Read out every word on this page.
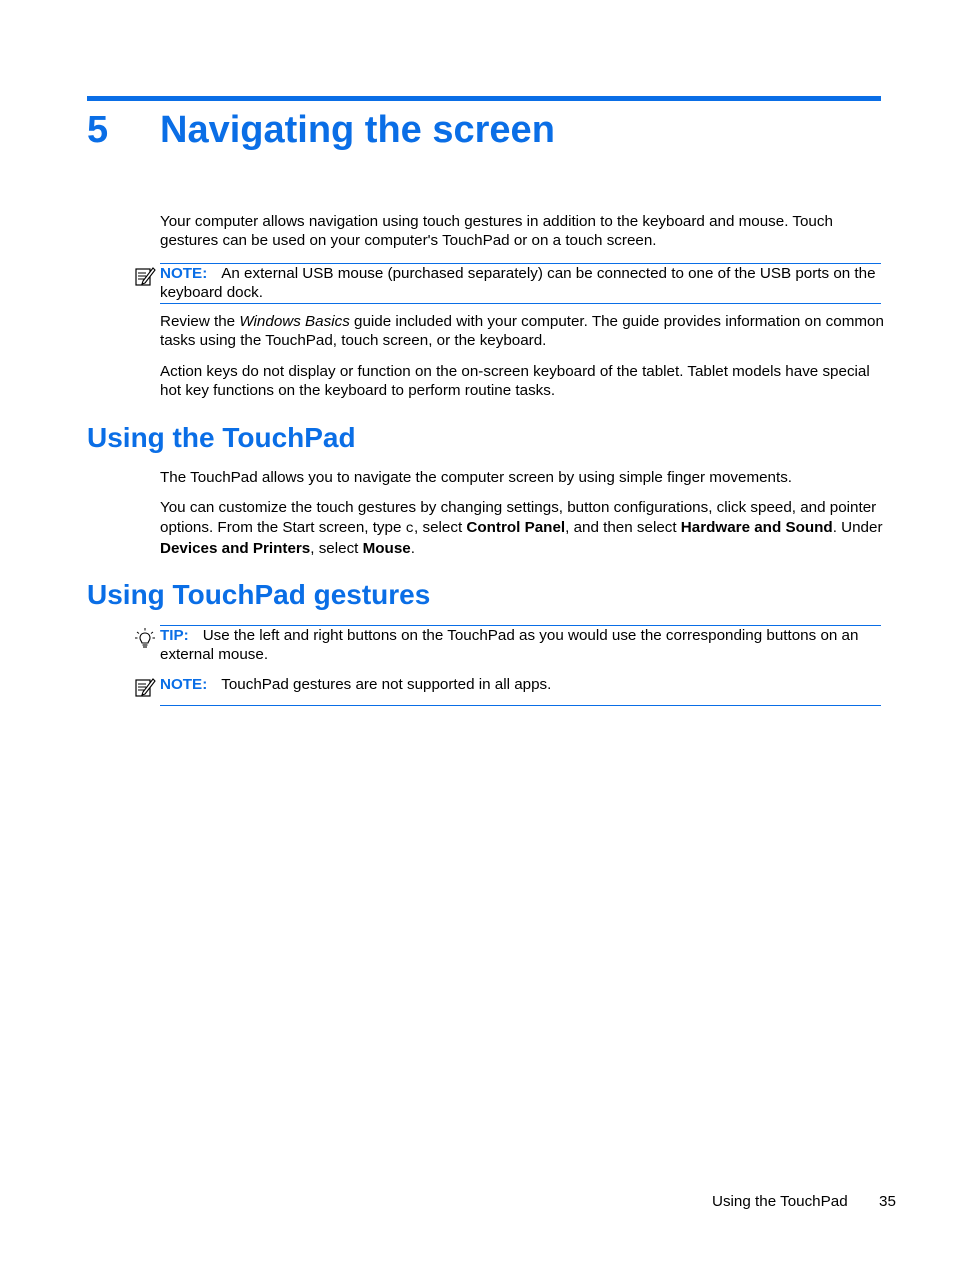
5 Navigating the screen

Your computer allows navigation using touch gestures in addition to the keyboard and mouse. Touch gestures can be used on your computer's TouchPad or on a touch screen.

NOTE: An external USB mouse (purchased separately) can be connected to one of the USB ports on the keyboard dock.

Review the Windows Basics guide included with your computer. The guide provides information on common tasks using the TouchPad, touch screen, or the keyboard.

Action keys do not display or function on the on-screen keyboard of the tablet. Tablet models have special hot key functions on the keyboard to perform routine tasks.

Using the TouchPad

The TouchPad allows you to navigate the computer screen by using simple finger movements.

You can customize the touch gestures by changing settings, button configurations, click speed, and pointer options. From the Start screen, type c, select Control Panel, and then select Hardware and Sound. Under Devices and Printers, select Mouse.

Using TouchPad gestures

TIP: Use the left and right buttons on the TouchPad as you would use the corresponding buttons on an external mouse.

NOTE: TouchPad gestures are not supported in all apps.

Using the TouchPad 35
